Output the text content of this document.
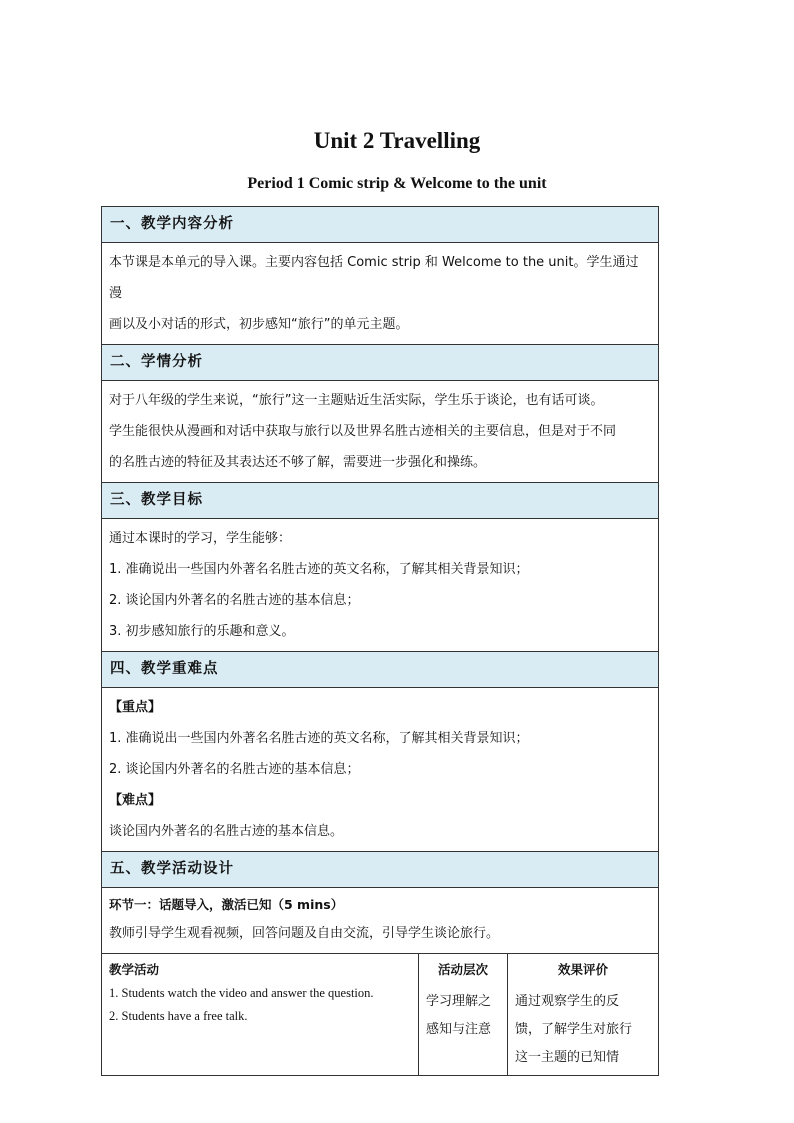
Unit 2 Travelling
Period 1 Comic strip & Welcome to the unit
一、教学内容分析

本节课是本单元的导入课。主要内容包括 Comic strip 和 Welcome to the unit。学生通过漫

画以及小对话的形式，初步感知“旅行”的单元主题。

二、学情分析

对于八年级的学生来说，“旅行”这一主题贴近生活实际，学生乐于谈论，也有话可谈。

学生能很快从漫画和对话中获取与旅行以及世界名胜古迹相关的主要信息，但是对于不同

的名胜古迹的特征及其表达还不够了解，需要进一步强化和操练。

三、教学目标

通过本课时的学习，学生能够：

1. 准确说出一些国内外著名名胜古迹的英文名称，了解其相关背景知识；

2. 谈论国内外著名的名胜古迹的基本信息；

3. 初步感知旅行的乐趣和意义。

四、教学重难点

【重点】

1. 准确说出一些国内外著名名胜古迹的英文名称，了解其相关背景知识；

2. 谈论国内外著名的名胜古迹的基本信息；

【难点】

谈论国内外著名的名胜古迹的基本信息。

五、教学活动设计

环节一：话题导入，激活已知（5 mins）

教师引导学生观看视频，回答问题及自由交流，引导学生谈论旅行。

教学活动
1. Students watch the video and answer the question.
2. Students have a free talk.
活动层次
学习理解之
感知与注意
效果评价
通过观察学生的反
馈，了解学生对旅行
这一主题的已知情
